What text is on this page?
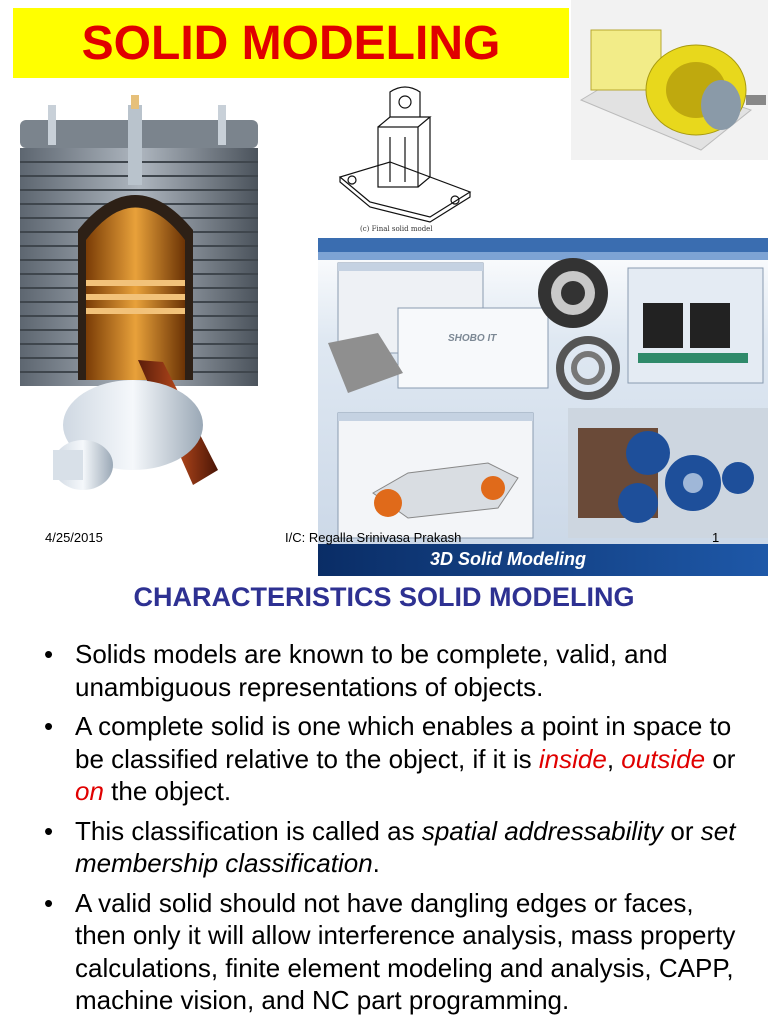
SOLID MODELING
(c) Final solid model
SHOBO IT
3D Solid Modeling
4/25/2015	I/C: Regalla Srinivasa Prakash	1
CHARACTERISTICS SOLID MODELING
• Solids models are known to be complete, valid, and unambiguous representations of objects.
• A complete solid is one which enables a point in space to be classified relative to the object, if it is inside, outside or on the object.
• This classification is called as spatial addressability or set membership classification.
• A valid solid should not have dangling edges or faces, then only it will allow interference analysis, mass property calculations, finite element modeling and analysis, CAPP, machine vision, and NC part programming.
